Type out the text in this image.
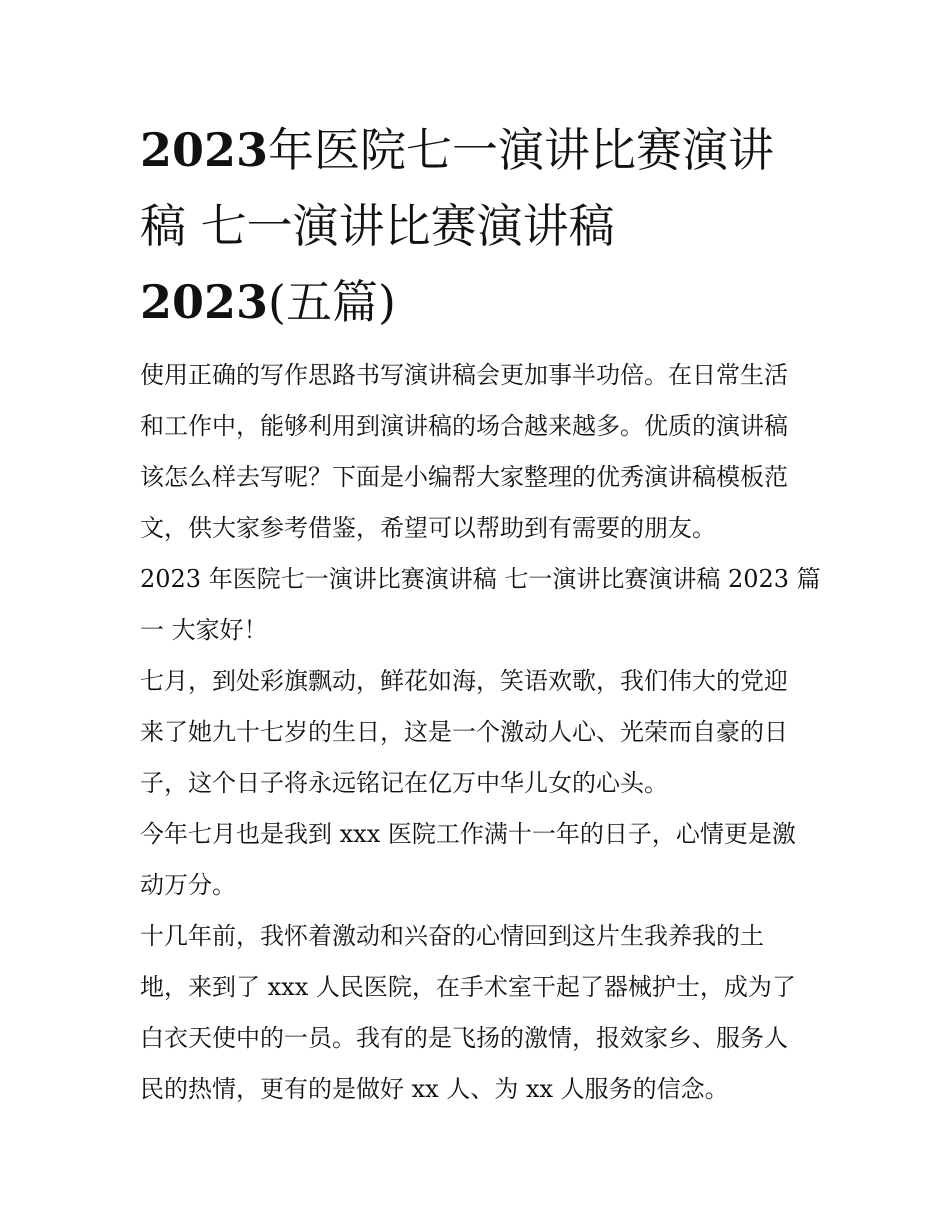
2023年医院七一演讲比赛演讲
稿 七一演讲比赛演讲稿
2023(五篇)

使用正确的写作思路书写演讲稿会更加事半功倍。在日常生活
和工作中，能够利用到演讲稿的场合越来越多。优质的演讲稿
该怎么样去写呢？下面是小编帮大家整理的优秀演讲稿模板范
文，供大家参考借鉴，希望可以帮助到有需要的朋友。

2023 年医院七一演讲比赛演讲稿 七一演讲比赛演讲稿 2023 篇
一 大家好！

七月，到处彩旗飘动，鲜花如海，笑语欢歌，我们伟大的党迎
来了她九十七岁的生日，这是一个激动人心、光荣而自豪的日
子，这个日子将永远铭记在亿万中华儿女的心头。

今年七月也是我到 xxx 医院工作满十一年的日子，心情更是激
动万分。

十几年前，我怀着激动和兴奋的心情回到这片生我养我的土
地，来到了 xxx 人民医院，在手术室干起了器械护士，成为了
白衣天使中的一员。我有的是飞扬的激情，报效家乡、服务人
民的热情，更有的是做好 xx 人、为 xx 人服务的信念。
